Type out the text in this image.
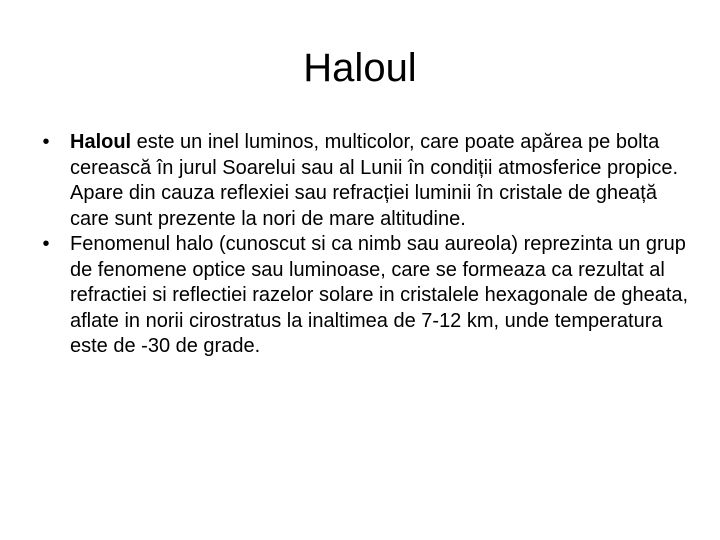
Haloul
•	Haloul este un inel luminos, multicolor, care poate apărea pe bolta cerească în jurul Soarelui sau al Lunii în condiții atmosferice propice. Apare din cauza reflexiei sau refracției luminii în cristale de gheață care sunt prezente la nori de mare altitudine.
•	Fenomenul halo (cunoscut si ca nimb sau aureola) reprezinta un grup de fenomene optice sau luminoase, care se formeaza ca rezultat al refractiei si reflectiei razelor solare in cristalele hexagonale de gheata, aflate in norii cirostratus la inaltimea de 7-12 km, unde temperatura este de -30 de grade.
